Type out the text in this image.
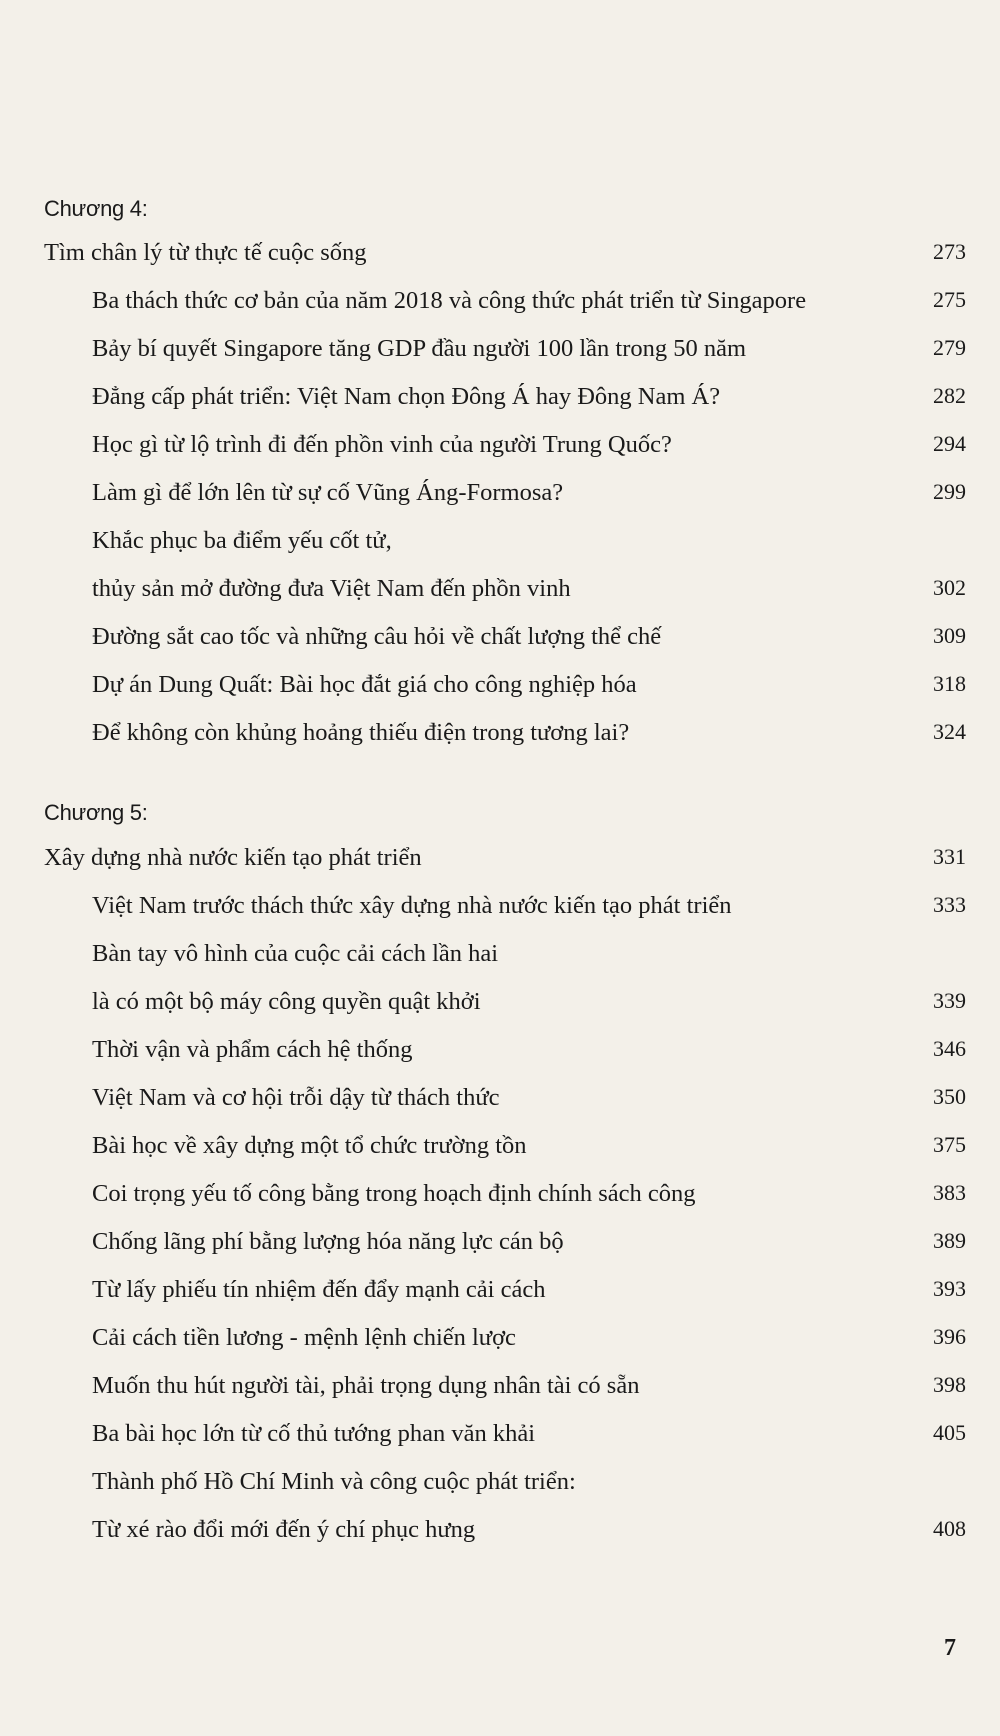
Chương 4:
Tìm chân lý từ thực tế cuộc sống	273
Ba thách thức cơ bản của năm 2018 và công thức phát triển từ Singapore	275
Bảy bí quyết Singapore tăng GDP đầu người 100 lần trong 50 năm	279
Đẳng cấp phát triển: Việt Nam chọn Đông Á hay Đông Nam Á?	282
Học gì từ lộ trình đi đến phồn vinh của người Trung Quốc?	294
Làm gì để lớn lên từ sự cố Vũng Áng-Formosa?	299
Khắc phục ba điểm yếu cốt tử,
thủy sản mở đường đưa Việt Nam đến phồn vinh	302
Đường sắt cao tốc và những câu hỏi về chất lượng thể chế	309
Dự án Dung Quất: Bài học đắt giá cho công nghiệp hóa	318
Để không còn khủng hoảng thiếu điện trong tương lai?	324
Chương 5:
Xây dựng nhà nước kiến tạo phát triển	331
Việt Nam trước thách thức xây dựng nhà nước kiến tạo phát triển	333
Bàn tay vô hình của cuộc cải cách lần hai
là có một bộ máy công quyền quật khởi	339
Thời vận và phẩm cách hệ thống	346
Việt Nam và cơ hội trỗi dậy từ thách thức	350
Bài học về xây dựng một tổ chức trường tồn	375
Coi trọng yếu tố công bằng trong hoạch định chính sách công	383
Chống lãng phí bằng lượng hóa năng lực cán bộ	389
Từ lấy phiếu tín nhiệm đến đẩy mạnh cải cách	393
Cải cách tiền lương - mệnh lệnh chiến lược	396
Muốn thu hút người tài, phải trọng dụng nhân tài có sẵn	398
Ba bài học lớn từ cố thủ tướng phan văn khải	405
Thành phố Hồ Chí Minh và công cuộc phát triển:
Từ xé rào đổi mới đến ý chí phục hưng	408
7
